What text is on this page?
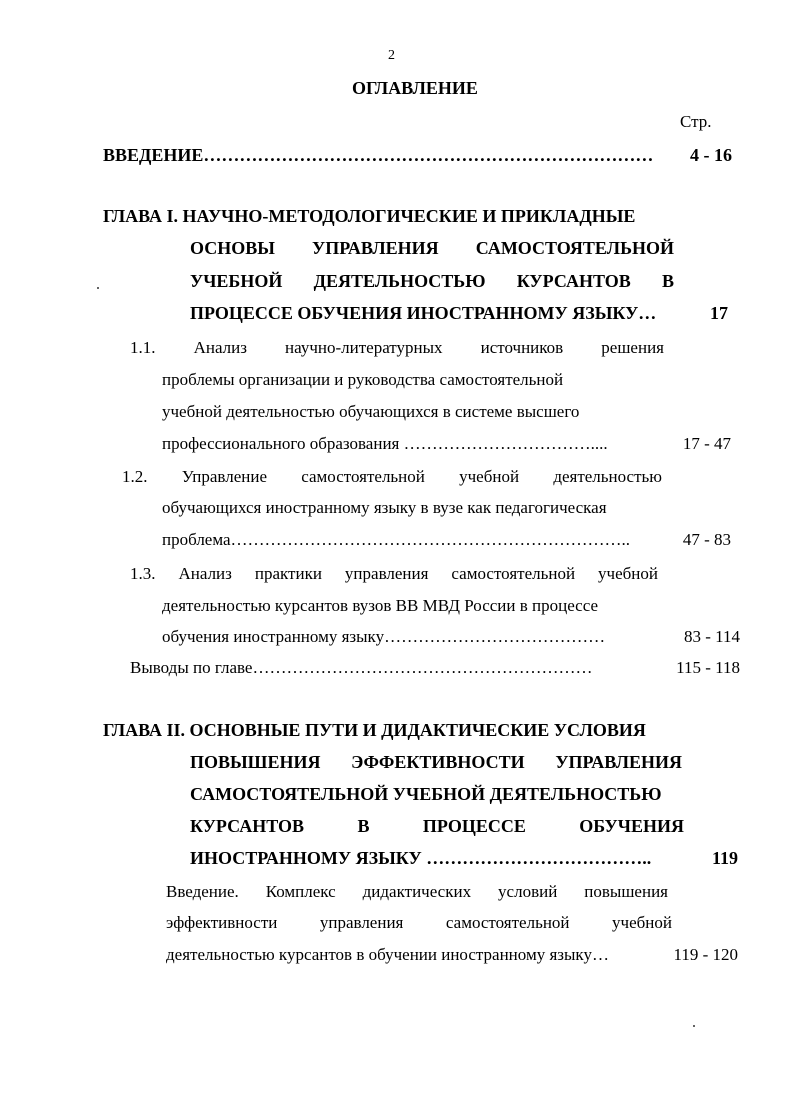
2
ОГЛАВЛЕНИЕ
Стр.
ВВЕДЕНИЕ…………………………………………………………………	4 - 16
ГЛАВА I. НАУЧНО-МЕТОДОЛОГИЧЕСКИЕ И ПРИКЛАДНЫЕ
ОСНОВЫ УПРАВЛЕНИЯ САМОСТОЯТЕЛЬНОЙ
УЧЕБНОЙ ДЕЯТЕЛЬНОСТЬЮ КУРСАНТОВ В
ПРОЦЕССЕ ОБУЧЕНИЯ ИНОСТРАННОМУ ЯЗЫКУ…	17
1.1. Анализ научно-литературных источников решения
проблемы организации и руководства самостоятельной
учебной деятельностью обучающихся в системе высшего
профессионального образования ……………………………....	17 - 47
1.2. Управление самостоятельной учебной деятельностью
обучающихся иностранному языку в вузе как педагогическая
проблема……………………………………………………………..	47 - 83
1.3. Анализ практики управления самостоятельной учебной
деятельностью курсантов вузов ВВ МВД России в процессе
обучения иностранному языку…………………………………	83 - 114
Выводы по главе……………………………………………………	115 - 118
ГЛАВА II. ОСНОВНЫЕ ПУТИ И ДИДАКТИЧЕСКИЕ УСЛОВИЯ
ПОВЫШЕНИЯ ЭФФЕКТИВНОСТИ УПРАВЛЕНИЯ
САМОСТОЯТЕЛЬНОЙ УЧЕБНОЙ ДЕЯТЕЛЬНОСТЬЮ
КУРСАНТОВ В ПРОЦЕССЕ ОБУЧЕНИЯ
ИНОСТРАННОМУ ЯЗЫКУ ………………………………..	119
Введение. Комплекс дидактических условий повышения
эффективности управления самостоятельной учебной
деятельностью курсантов в обучении иностранному языку…	119 - 120
